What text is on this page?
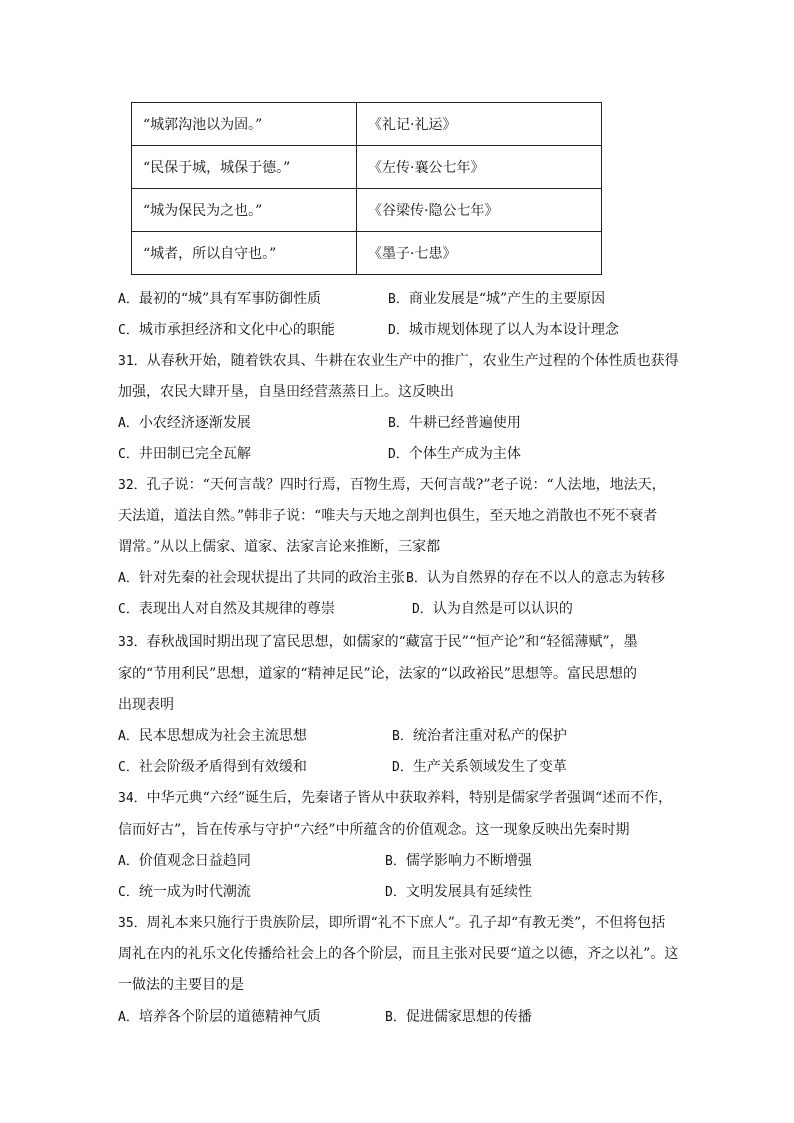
“城郭沟池以为固。”	《礼记·礼运》
“民保于城，城保于德。”	《左传·襄公七年》
“城为保民为之也。”	《谷梁传·隐公七年》
“城者，所以自守也。”	《墨子·七患》
A．最初的“城”具有军事防御性质	B．商业发展是“城”产生的主要原因
C．城市承担经济和文化中心的职能	D．城市规划体现了以人为本设计理念
31．从春秋开始，随着铁农具、牛耕在农业生产中的推广，农业生产过程的个体性质也获得
加强，农民大肆开垦，自垦田经营蒸蒸日上。这反映出
A．小农经济逐渐发展	B．牛耕已经普遍使用
C．井田制已完全瓦解	D．个体生产成为主体
32．孔子说：“天何言哉？四时行焉，百物生焉，天何言哉?”老子说：“人法地，地法天，
天法道，道法自然。”韩非子说：“唯夫与天地之剖判也俱生，至天地之消散也不死不衰者
谓常。”从以上儒家、道家、法家言论来推断，三家都
A．针对先秦的社会现状提出了共同的政治主张 B．认为自然界的存在不以人的意志为转移
C．表现出人对自然及其规律的尊崇	D．认为自然是可以认识的
33．春秋战国时期出现了富民思想，如儒家的“藏富于民”“恒产论”和“轻徭薄赋”，墨
家的“节用利民”思想，道家的“精神足民”论，法家的“以政裕民”思想等。富民思想的
出现表明
A．民本思想成为社会主流思想	B．统治者注重对私产的保护
C．社会阶级矛盾得到有效缓和	D．生产关系领域发生了变革
34．中华元典“六经”诞生后，先秦诸子皆从中获取养料，特别是儒家学者强调“述而不作，
信而好古”，旨在传承与守护“六经”中所蕴含的价值观念。这一现象反映出先秦时期
A．价值观念日益趋同	B．儒学影响力不断增强
C．统一成为时代潮流	D．文明发展具有延续性
35．周礼本来只施行于贵族阶层，即所谓“礼不下庶人”。孔子却“有教无类”，不但将包括
周礼在内的礼乐文化传播给社会上的各个阶层，而且主张对民要“道之以德，齐之以礼”。这
一做法的主要目的是
A．培养各个阶层的道德精神气质	B．促进儒家思想的传播
